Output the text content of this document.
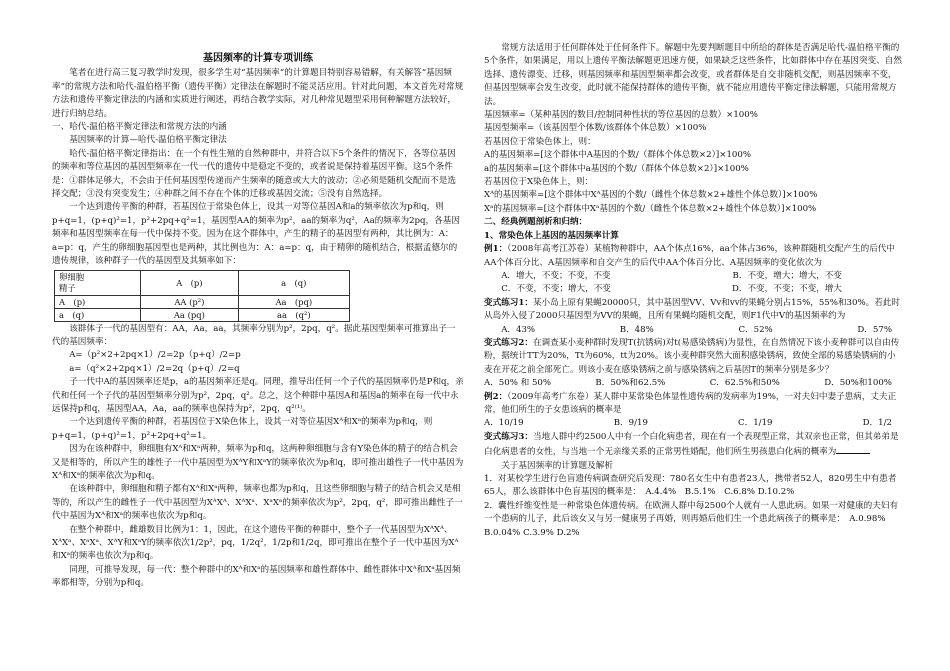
基因频率的计算专项训练

笔者在进行高三复习教学时发现，很多学生对“基因频率”的计算题目特别容易错解，有关解答“基因频率”的常规方法和哈代-温伯格平衡（遗传平衡）定律法在解题时不能灵活应用。针对此问题，本文首先对常规方法和遗传平衡定律法的内涵和实质进行阐述，再结合教学实际，对几种常见题型采用何种解题方法较好，进行归纳总结。

一、哈代-温伯格平衡定律法和常规方法的内涵

基因频率的计算—哈代-温伯格平衡定律法

哈代-温伯格平衡定律指出：在一个有性生殖的自然种群中，并符合以下5个条件的情况下，各等位基因的频率和等位基因的基因型频率在一代一代的遗传中是稳定不变的，或者说是保持着基因平衡。这5个条件是：①群体足够大，不会由于任何基因型传递而产生频率的随意或大大的波动；②必须是随机交配而不是选择交配；③没有突变发生；④种群之间不存在个体的迁移或基因交流；⑤没有自然选择。

一个达到遗传平衡的种群，若基因位于常染色体上，设其一对等位基因A和a的频率依次为p和q，则p+q=1，(p+q)²=1，p²+2pq+q²=1，基因型AA的频率为p²，aa的频率为q²，Aa的频率为2pq，各基因频率和基因型频率在每一代中保持不变。因为在这个群体中，产生的精子的基因型有两种，其比例为：A：a=p：q，产生的卵细胞基因型也是两种，其比例也为：A：a=p：q，由于精卵的随机结合，根据孟德尔的遗传规律，该种群子一代的基因型及其频率如下：

卵细胞
精子	A　(p)	a　(q)
A　(p)	AA (p²)	Aa　(pq)
a　(q)	Aa (pq)	aa　(q²)

该群体子一代的基因型有：AA，Aa，aa，其频率分别为p²，2pq，q²。据此基因型频率可推算出子一代的基因频率：

A=（p²×2+2pq×1）/2=2p（p+q）/2=p

a=（q²×2+2pq×1）/2=2q（p+q）/2=q

子一代中A的基因频率还是p，a的基因频率还是q。同理，推导出任何一个子代的基因频率仍是P和q，亲代和任何一个子代的基因型频率分别为p²，2pq，q²。总之，这个种群中基因A和基因a的频率在每一代中永远保持p和q，基因型AA，Aa，aa的频率也保持为p²，2pq，q²⁽¹⁾。

一个达到遗传平衡的种群，若基因位于X染色体上，设其一对等位基因Xᴬ和Xᵃ的频率为p和q，则p+q=1，(p+q)²=1，p²+2pq+q²=1。

因为在该种群中，卵细胞有Xᴬ和Xᵃ两种，频率为p和q，这两种卵细胞与含有Y染色体的精子的结合机会又是相等的，所以产生的雄性子一代中基因型为XᴬY和XᵃY的频率依次为p和q，即可推出雄性子一代中基因为Xᴬ和Xᵃ的频率依次为p和q。

在该种群中，卵细胞和精子都有Xᴬ和Xᵃ两种，频率也都为p和q，且这些卵细胞与精子的结合机会又是相等的，所以产生的雌性子一代中基因型为XᴬXᴬ、XᴬXᵃ、XᵃXᵃ的频率依次为p²，2pq，q²，即可推出雌性子一代中基因为Xᴬ和Xᵃ的频率也依次为p和q。

在整个种群中，雌雄数目比例为1：1，因此，在这个遗传平衡的种群中，整个子一代基因型为XᴬXᴬ、XᴬXᵃ、XᵃXᵃ、XᴬY和XᵃY的频率依次1/2p²，pq，1/2q²，1/2p和1/2q，即可推出在整个子一代中基因为Xᴬ和Xᵃ的频率也依次为p和q。

同理，可推导发现，每一代：整个种群中的Xᴬ和Xᵃ的基因频率和雄性群体中、雌性群体中Xᴬ和Xᵃ基因频率都相等，分别为p和q。

常规方法适用于任何群体处于任何条件下。解题中先要判断题目中所给的群体是否满足哈代-温伯格平衡的5个条件，如果满足，用以上遗传平衡法解题更迅速方便，如果缺乏这些条件，比如群体中存在基因突变、自然选择、遗传漂变、迁移，则基因频率和基因型频率都会改变，或者群体是自交非随机交配，则基因频率不变，但基因型频率会发生改变，此时就不能保持群体的遗传平衡，就不能应用遗传平衡定律法解题，只能用常规方法。

基因频率=（某种基因的数目/控制同种性状的等位基因的总数）×100%

基因型频率=（该基因型个体数/该群体个体总数）×100%

若基因位于常染色体上，则：

A的基因频率=[这个群体中A基因的个数/（群体个体总数×2）]×100%

a的基因频率=[这个群体中a基因的个数/（群体个体总数×2）]×100%

若基因位于X染色体上，则：

Xᴬ的基因频率=[这个群体中Xᴬ基因的个数/（雌性个体总数×2+雄性个体总数）]×100%

Xᵃ的基因频率=[这个群体中Xᵃ基因的个数/（雌性个体总数×2+雄性个体总数）]×100%

二、经典例题剖析和归纳：

1、常染色体上基因的基因频率计算

例1：（2008年高考江苏卷）某植物种群中，AA个体点16%，aa个体占36%，该种群随机交配产生的后代中AA个体百分比、A基因频率和自交产生的后代中AA个体百分比、A基因频率的变化依次为

A．增大，不变；不变，不变	B．不变，增大；增大，不变
C．不变，不变；增大，不变	D．不变，不变；不变，增大

变式练习1：某小岛上原有果蝇20000只，其中基因型VV、Vv和vv的果蝇分别占15%，55%和30%。若此时从岛外入侵了2000只基因型为VV的果蝇，且所有果蝇均随机交配，则F1代中V的基因频率约为

A．43%	B．48%	C．52%	D．57%

变式练习2：在调查某小麦种群时发现T(抗锈病)对t(易感染锈病)为显性，在自然情况下该小麦种群可以自由传粉，据统计TT为20%，Tt为60%，tt为20%。该小麦种群突然大面积感染锈病，致使全部的易感染锈病的小麦在开花之前全部死亡。则该小麦在感染锈病之前与感染锈病之后基因T的频率分别是多少？

A．50% 和 50%	B．50%和62.5%	C．62.5%和50%	D．50%和100%

例2：（2009年高考广东卷）某人群中某常染色体显性遗传病的发病率为19%，一对夫妇中妻子患病，丈夫正常，他们所生的子女患该病的概率是

A．10/19	B．9/19	C．1/19	D．1/2

变式练习3：当地人群中约2500人中有一个白化病患者，现在有一个表现型正常，其双亲也正常，但其弟弟是白化病患者的女性，与当地一个无亲缘关系的正常男性婚配，他们所生男孩患白化病的概率为

关于基因频率的计算题及解析

1．对某校学生进行色盲遗传病调查研究后发现：780名女生中有患者23人，携带者52人，820男生中有患者65人，那么该群体中色盲基因的概率是：　 A.4.4%　B.5.1%　C.6.8% D.10.2%

2．囊性纤维变性是一种常染色体遗传病。在欧洲人群中每2500个人就有一人患此病。如果一对健康的夫妇有一个患病的儿子，此后该女又与另一健康男子再婚，则再婚后他们生一个患此病孩子的概率是：　 A.0.98%　B.0.04% C.3.9% D.2%
